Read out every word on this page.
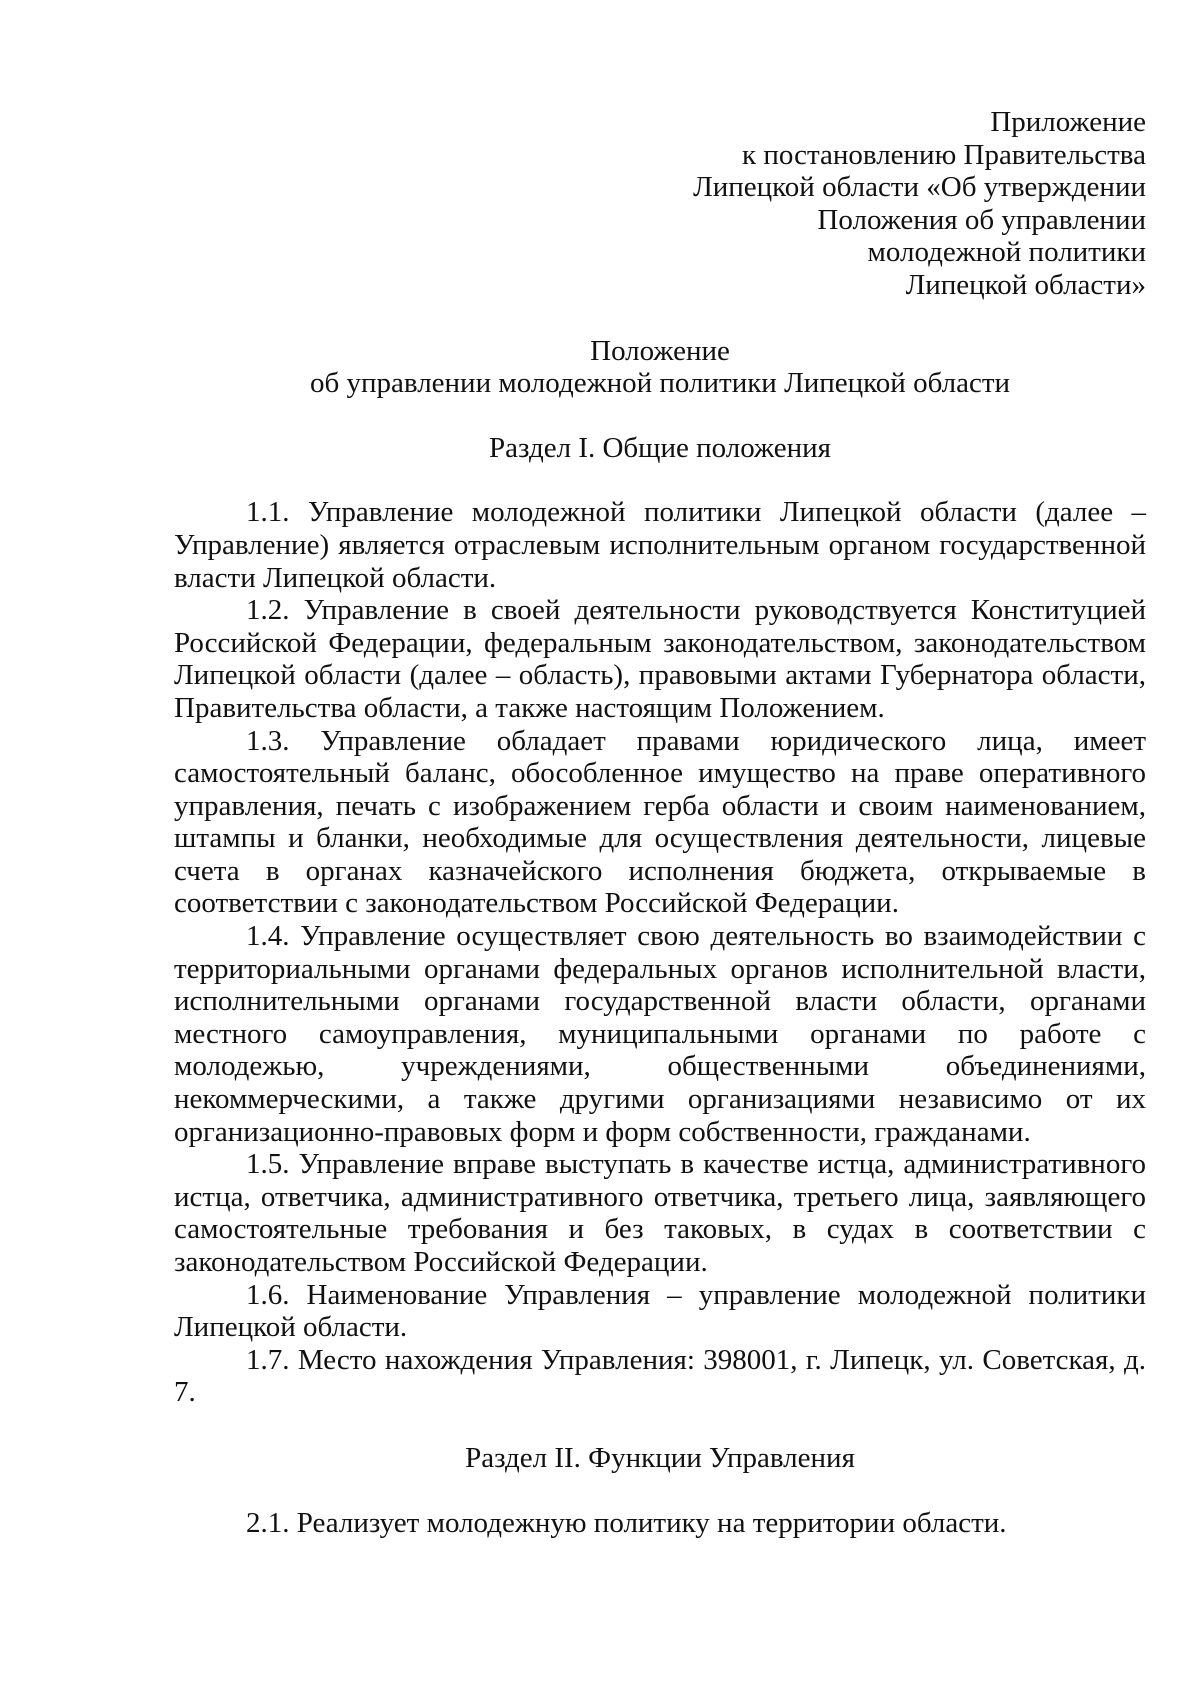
Приложение
к постановлению Правительства
Липецкой области «Об утверждении
Положения об управлении
молодежной политики
Липецкой области»
Положение
об управлении молодежной политики Липецкой области
Раздел I. Общие положения

1.1. Управление молодежной политики Липецкой области (далее – Управление) является отраслевым исполнительным органом государственной власти Липецкой области.

1.2. Управление в своей деятельности руководствуется Конституцией Российской Федерации, федеральным законодательством, законодательством Липецкой области (далее – область), правовыми актами Губернатора области, Правительства области, а также настоящим Положением.

1.3. Управление обладает правами юридического лица, имеет самостоятельный баланс, обособленное имущество на праве оперативного управления, печать с изображением герба области и своим наименованием, штампы и бланки, необходимые для осуществления деятельности, лицевые счета в органах казначейского исполнения бюджета, открываемые в соответствии с законодательством Российской Федерации.

1.4. Управление осуществляет свою деятельность во взаимодействии с территориальными органами федеральных органов исполнительной власти, исполнительными органами государственной власти области, органами местного самоуправления, муниципальными органами по работе с молодежью, учреждениями, общественными объединениями, некоммерческими, а также другими организациями независимо от их организационно-правовых форм и форм собственности, гражданами.

1.5. Управление вправе выступать в качестве истца, административного истца, ответчика, административного ответчика, третьего лица, заявляющего самостоятельные требования и без таковых, в судах в соответствии с законодательством Российской Федерации.

1.6. Наименование Управления – управление молодежной политики Липецкой области.

1.7. Место нахождения Управления: 398001, г. Липецк, ул. Советская, д. 7.

Раздел II. Функции Управления

2.1. Реализует молодежную политику на территории области.
